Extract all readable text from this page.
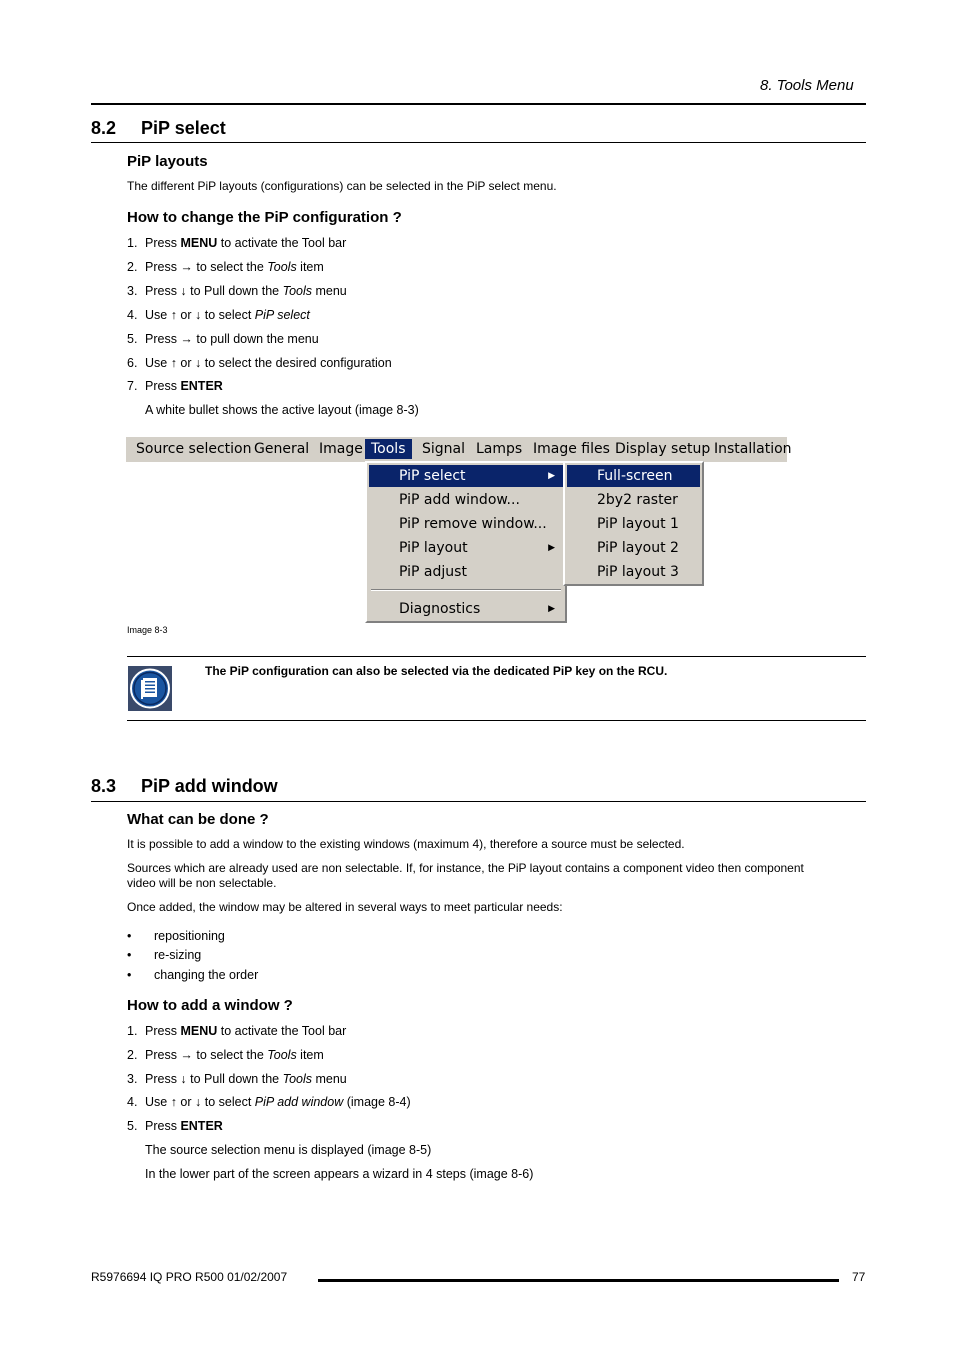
8. Tools Menu
8.2 PiP select
PiP layouts
The different PiP layouts (configurations) can be selected in the PiP select menu.
How to change the PiP configuration ?
1. Press MENU to activate the Tool bar
2. Press → to select the Tools item
3. Press ↓ to Pull down the Tools menu
4. Use ↑ or ↓ to select PiP select
5. Press → to pull down the menu
6. Use ↑ or ↓ to select the desired configuration
7. Press ENTER
A white bullet shows the active layout (image 8-3)
Source selection General Image Tools	Signal Lamps Image files Display setup Installation
PiP select	▶
PiP add window...
PiP remove window...
PiP layout	▶
PiP adjust
Diagnostics	▶
Full-screen
2by2 raster
PiP layout 1
PiP layout 2
PiP layout 3
Image 8-3
The PiP configuration can also be selected via the dedicated PiP key on the RCU.
8.3 PiP add window
What can be done ?
It is possible to add a window to the existing windows (maximum 4), therefore a source must be selected.
Sources which are already used are non selectable. If, for instance, the PiP layout contains a component video then component
video will be non selectable.
Once added, the window may be altered in several ways to meet particular needs:
• repositioning
• re-sizing
• changing the order
How to add a window ?
1. Press MENU to activate the Tool bar
2. Press → to select the Tools item
3. Press ↓ to Pull down the Tools menu
4. Use ↑ or ↓ to select PiP add window (image 8-4)
5. Press ENTER
The source selection menu is displayed (image 8-5)
In the lower part of the screen appears a wizard in 4 steps (image 8-6)
R5976694 IQ PRO R500 01/02/2007	77
